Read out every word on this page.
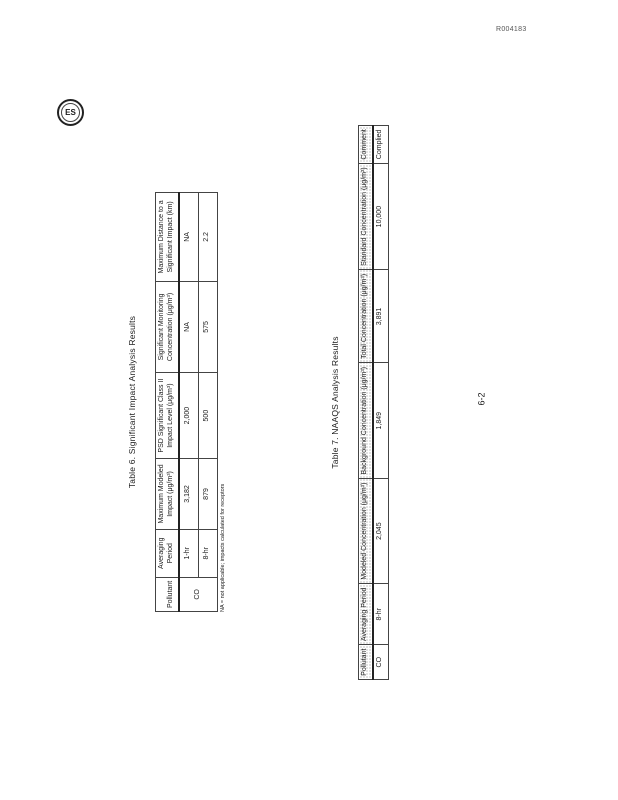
R004183
ES
Table 6. Significant Impact Analysis Results
Pollutant	Averaging Period	Maximum Modeled Impact (μg/m³)	PSD Significant Class II Impact Level (μg/m³)	Significant Monitoring Concentration (μg/m³)	Maximum Distance to a Significant Impact (km)
CO	1-hr	3,182	2,000	NA	NA
	8-hr	879	500	575	2.2
NA = not applicable; impacts calculated for receptors
Table 7. NAAQS Analysis Results
Pollutant	Averaging Period	Modeled Concentration (μg/m³)	Background Concentration (μg/m³)	Total Concentration (μg/m³)	Standard Concentration (μg/m³)	Comment
CO	8-hr	2,045	1,849	3,891	10,000	Complied
6-2
